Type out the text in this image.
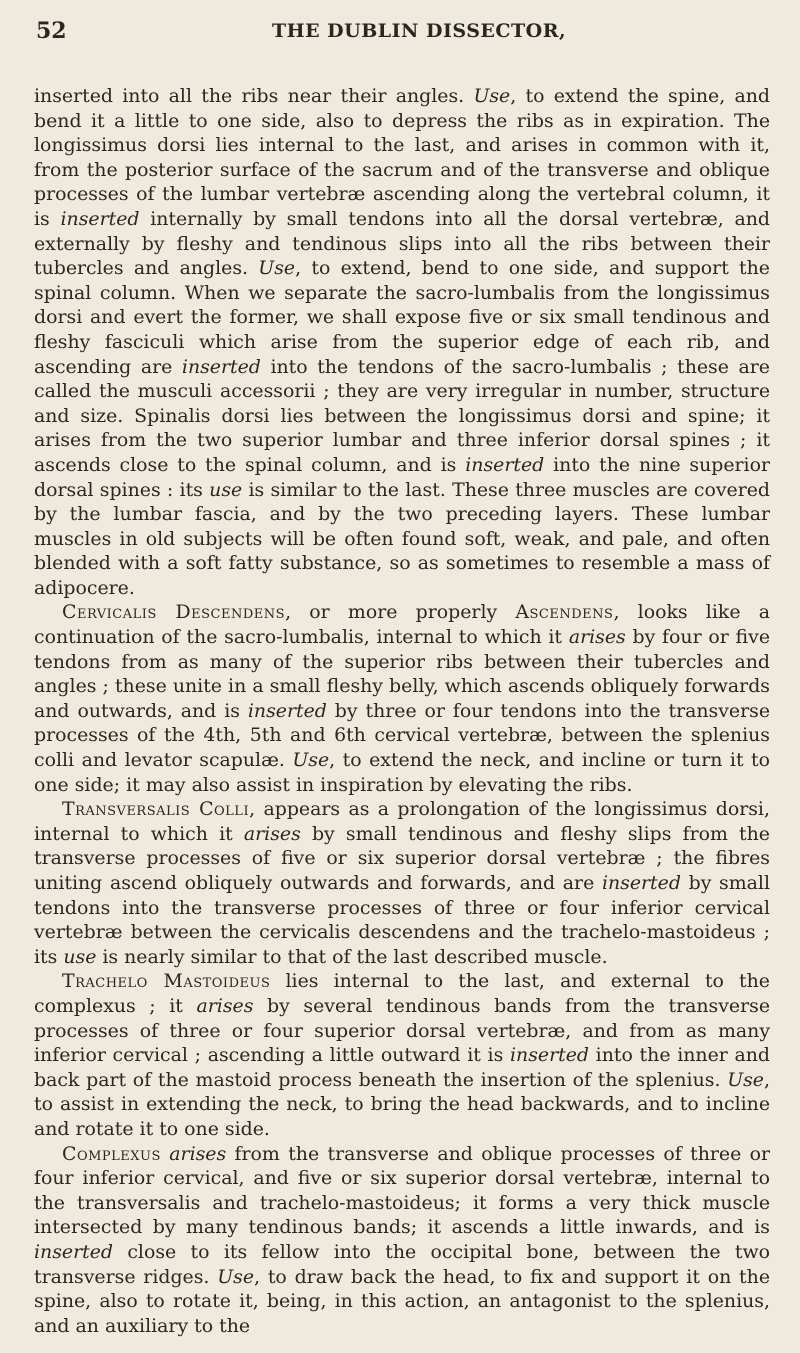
52	THE DUBLIN DISSECTOR,

inserted into all the ribs near their angles. Use, to extend the spine, and bend it a little to one side, also to depress the ribs as in expiration. The longissimus dorsi lies internal to the last, and arises in common with it, from the posterior surface of the sacrum and of the transverse and oblique processes of the lumbar vertebræ ascending along the vertebral column, it is inserted internally by small tendons into all the dorsal vertebræ, and externally by fleshy and tendinous slips into all the ribs between their tubercles and angles. Use, to extend, bend to one side, and support the spinal column. When we separate the sacro-lumbalis from the longissimus dorsi and evert the former, we shall expose five or six small tendinous and fleshy fasciculi which arise from the superior edge of each rib, and ascending are inserted into the tendons of the sacro-lumbalis ; these are called the musculi accessorii ; they are very irregular in number, structure and size. Spinalis dorsi lies between the longissimus dorsi and spine; it arises from the two superior lumbar and three inferior dorsal spines ; it ascends close to the spinal column, and is inserted into the nine superior dorsal spines : its use is similar to the last. These three muscles are covered by the lumbar fascia, and by the two preceding layers. These lumbar muscles in old subjects will be often found soft, weak, and pale, and often blended with a soft fatty substance, so as sometimes to resemble a mass of adipocere.

Cervicalis Descendens, or more properly Ascendens, looks like a continuation of the sacro-lumbalis, internal to which it arises by four or five tendons from as many of the superior ribs between their tubercles and angles ; these unite in a small fleshy belly, which ascends obliquely forwards and outwards, and is inserted by three or four tendons into the transverse processes of the 4th, 5th and 6th cervical vertebræ, between the splenius colli and levator scapulæ. Use, to extend the neck, and incline or turn it to one side; it may also assist in inspiration by elevating the ribs.

Transversalis Colli, appears as a prolongation of the longissimus dorsi, internal to which it arises by small tendinous and fleshy slips from the transverse processes of five or six superior dorsal vertebræ ; the fibres uniting ascend obliquely outwards and forwards, and are inserted by small tendons into the transverse processes of three or four inferior cervical vertebræ between the cervicalis descendens and the trachelo-mastoideus ; its use is nearly similar to that of the last described muscle.

Trachelo Mastoideus lies internal to the last, and external to the complexus ; it arises by several tendinous bands from the transverse processes of three or four superior dorsal vertebræ, and from as many inferior cervical ; ascending a little outward it is inserted into the inner and back part of the mastoid process beneath the insertion of the splenius. Use, to assist in extending the neck, to bring the head backwards, and to incline and rotate it to one side.

Complexus arises from the transverse and oblique processes of three or four inferior cervical, and five or six superior dorsal vertebræ, internal to the transversalis and trachelo-mastoideus; it forms a very thick muscle intersected by many tendinous bands; it ascends a little inwards, and is inserted close to its fellow into the occipital bone, between the two transverse ridges. Use, to draw back the head, to fix and support it on the spine, also to rotate it, being, in this action, an antagonist to the splenius, and an auxiliary to the
